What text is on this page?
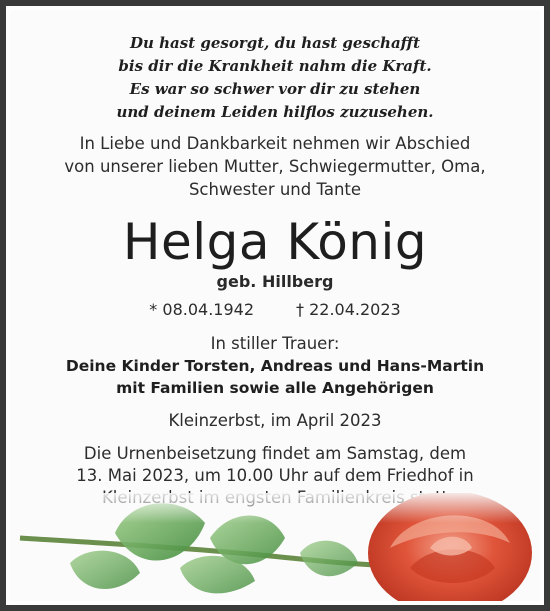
Du hast gesorgt, du hast geschafft
bis dir die Krankheit nahm die Kraft.
Es war so schwer vor dir zu stehen
und deinem Leiden hilflos zuzusehen.
In Liebe und Dankbarkeit nehmen wir Abschied
von unserer lieben Mutter, Schwiegermutter, Oma,
Schwester und Tante
Helga König
geb. Hillberg
* 08.04.1942	† 22.04.2023
In stiller Trauer:
Deine Kinder Torsten, Andreas und Hans-Martin
mit Familien sowie alle Angehörigen
Kleinzerbst, im April 2023
Die Urnenbeisetzung findet am Samstag, dem
13. Mai 2023, um 10.00 Uhr auf dem Friedhof in
